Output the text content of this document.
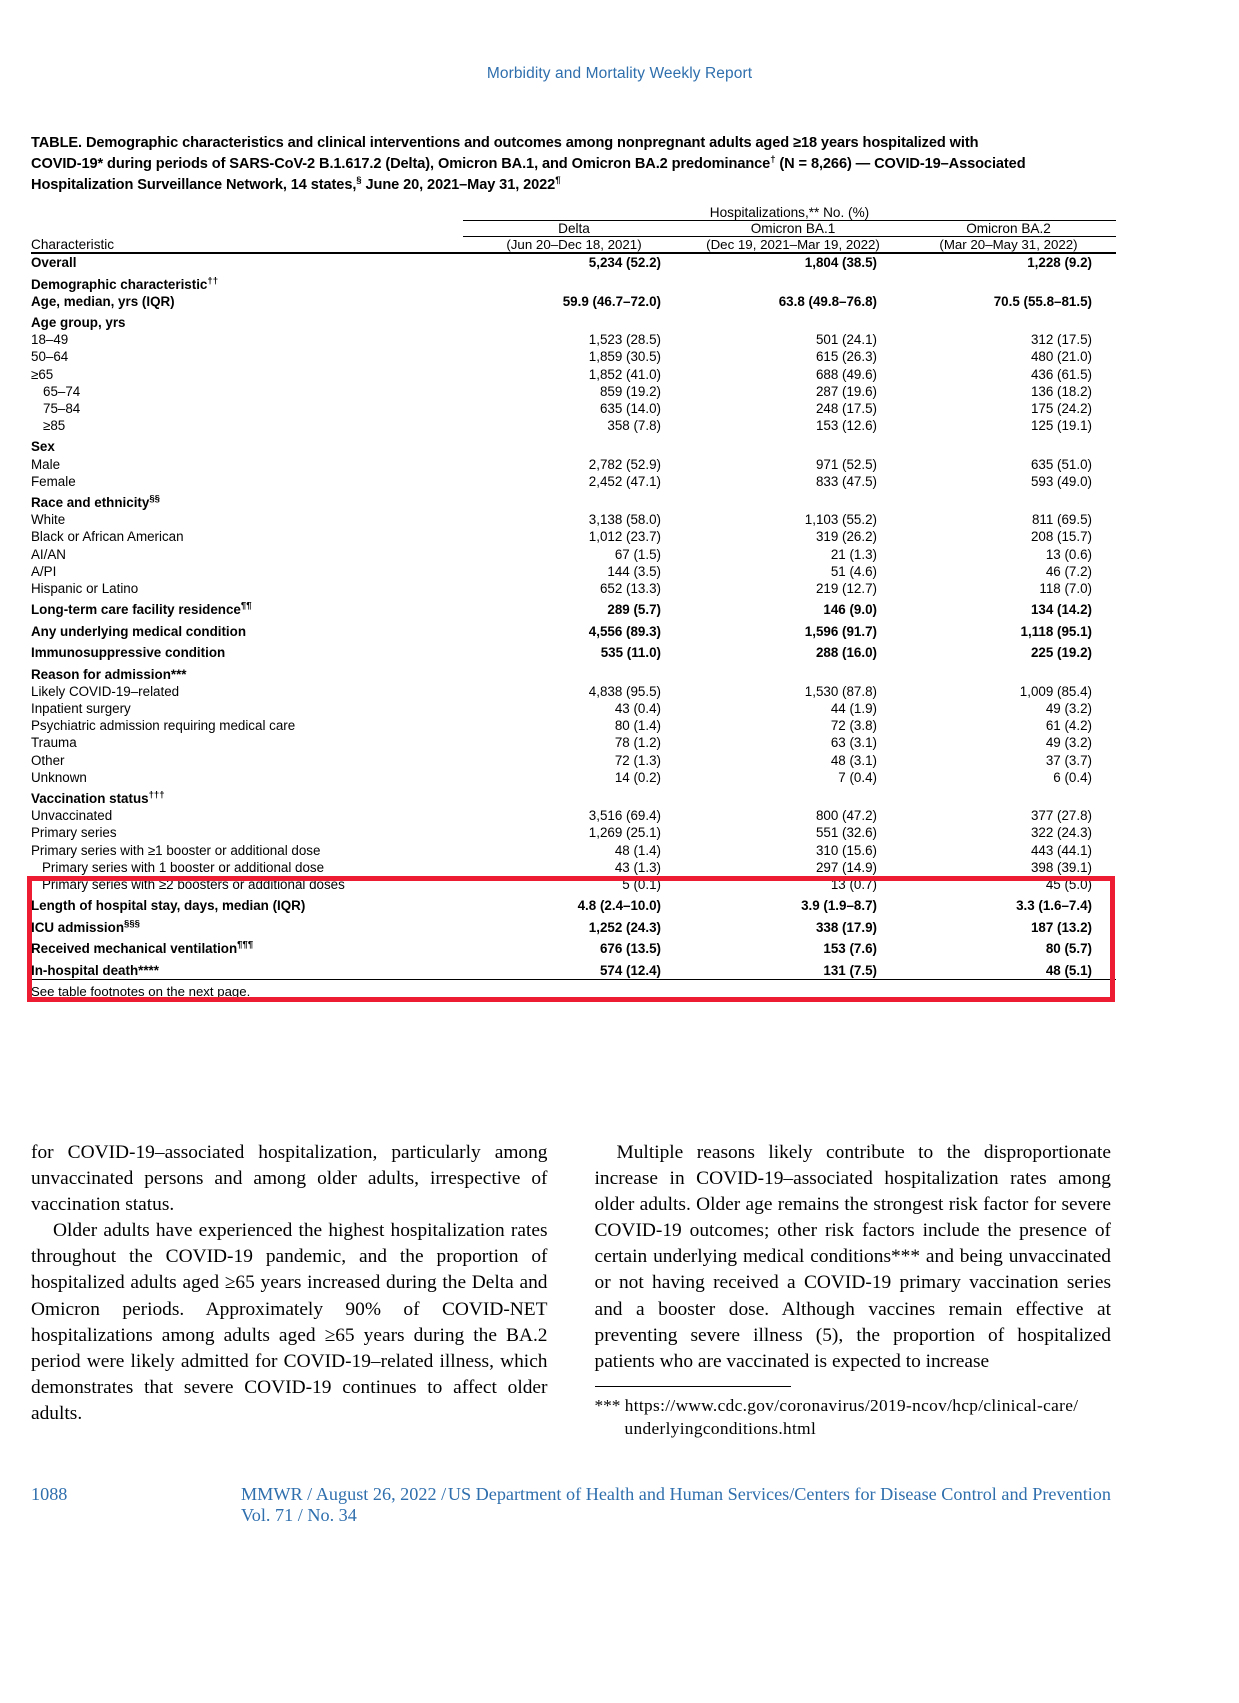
Morbidity and Mortality Weekly Report
TABLE. Demographic characteristics and clinical interventions and outcomes among nonpregnant adults aged ≥18 years hospitalized with
COVID-19* during periods of SARS-CoV-2 B.1.617.2 (Delta), Omicron BA.1, and Omicron BA.2 predominance† (N = 8,266) — COVID-19–Associated
Hospitalization Surveillance Network, 14 states,§ June 20, 2021–May 31, 2022¶
	Hospitalizations,** No. (%)		

	Delta	Omicron BA.1	Omicron BA.2

Characteristic	(Jun 20–Dec 18, 2021)	(Dec 19, 2021–Mar 19, 2022)	(Mar 20–May 31, 2022)
Overall	5,234 (52.2)	1,804 (38.5)	1,228 (9.2)
Demographic characteristic††			
Age, median, yrs (IQR)	59.9 (46.7–72.0)	63.8 (49.8–76.8)	70.5 (55.8–81.5)
Age group, yrs			
18–49	1,523 (28.5)	501 (24.1)	312 (17.5)
50–64	1,859 (30.5)	615 (26.3)	480 (21.0)
≥65	1,852 (41.0)	688 (49.6)	436 (61.5)
65–74	859 (19.2)	287 (19.6)	136 (18.2)
75–84	635 (14.0)	248 (17.5)	175 (24.2)
≥85	358 (7.8)	153 (12.6)	125 (19.1)
Sex			
Male	2,782 (52.9)	971 (52.5)	635 (51.0)
Female	2,452 (47.1)	833 (47.5)	593 (49.0)
Race and ethnicity§§			
White	3,138 (58.0)	1,103 (55.2)	811 (69.5)
Black or African American	1,012 (23.7)	319 (26.2)	208 (15.7)
AI/AN	67 (1.5)	21 (1.3)	13 (0.6)
A/PI	144 (3.5)	51 (4.6)	46 (7.2)
Hispanic or Latino	652 (13.3)	219 (12.7)	118 (7.0)
Long-term care facility residence¶¶	289 (5.7)	146 (9.0)	134 (14.2)
Any underlying medical condition	4,556 (89.3)	1,596 (91.7)	1,118 (95.1)
Immunosuppressive condition	535 (11.0)	288 (16.0)	225 (19.2)
Reason for admission***			
Likely COVID-19–related	4,838 (95.5)	1,530 (87.8)	1,009 (85.4)
Inpatient surgery	43 (0.4)	44 (1.9)	49 (3.2)
Psychiatric admission requiring medical care	80 (1.4)	72 (3.8)	61 (4.2)
Trauma	78 (1.2)	63 (3.1)	49 (3.2)
Other	72 (1.3)	48 (3.1)	37 (3.7)
Unknown	14 (0.2)	7 (0.4)	6 (0.4)
Vaccination status†††			
Unvaccinated	3,516 (69.4)	800 (47.2)	377 (27.8)
Primary series	1,269 (25.1)	551 (32.6)	322 (24.3)
Primary series with ≥1 booster or additional dose	48 (1.4)	310 (15.6)	443 (44.1)
Primary series with 1 booster or additional dose	43 (1.3)	297 (14.9)	398 (39.1)
Primary series with ≥2 boosters or additional doses	5 (0.1)	13 (0.7)	45 (5.0)
Length of hospital stay, days, median (IQR)	4.8 (2.4–10.0)	3.9 (1.9–8.7)	3.3 (1.6–7.4)
ICU admission§§§	1,252 (24.3)	338 (17.9)	187 (13.2)
Received mechanical ventilation¶¶¶	676 (13.5)	153 (7.6)	80 (5.7)
In-hospital death****	574 (12.4)	131 (7.5)	48 (5.1)
See table footnotes on the next page.

for COVID-19–associated hospitalization, particularly among unvaccinated persons and among older adults, irrespective of vaccination status.

Older adults have experienced the highest hospitalization rates throughout the COVID-19 pandemic, and the proportion of hospitalized adults aged ≥65 years increased during the Delta and Omicron periods. Approximately 90% of COVID-NET hospitalizations among adults aged ≥65 years during the BA.2 period were likely admitted for COVID-19–related illness, which demonstrates that severe COVID-19 continues to affect older adults.

Multiple reasons likely contribute to the disproportionate increase in COVID-19–associated hospitalization rates among older adults. Older age remains the strongest risk factor for severe COVID-19 outcomes; other risk factors include the presence of certain underlying medical conditions*** and being unvaccinated or not having received a COVID-19 primary vaccination series and a booster dose. Although vaccines remain effective at preventing severe illness (5), the proportion of hospitalized patients who are vaccinated is expected to increase

*** https://www.cdc.gov/coronavirus/2019-ncov/hcp/clinical-care/
underlyingconditions.html
1088	MMWR / August 26, 2022 / Vol. 71 / No. 34
US Department of Health and Human Services/Centers for Disease Control and Prevention
